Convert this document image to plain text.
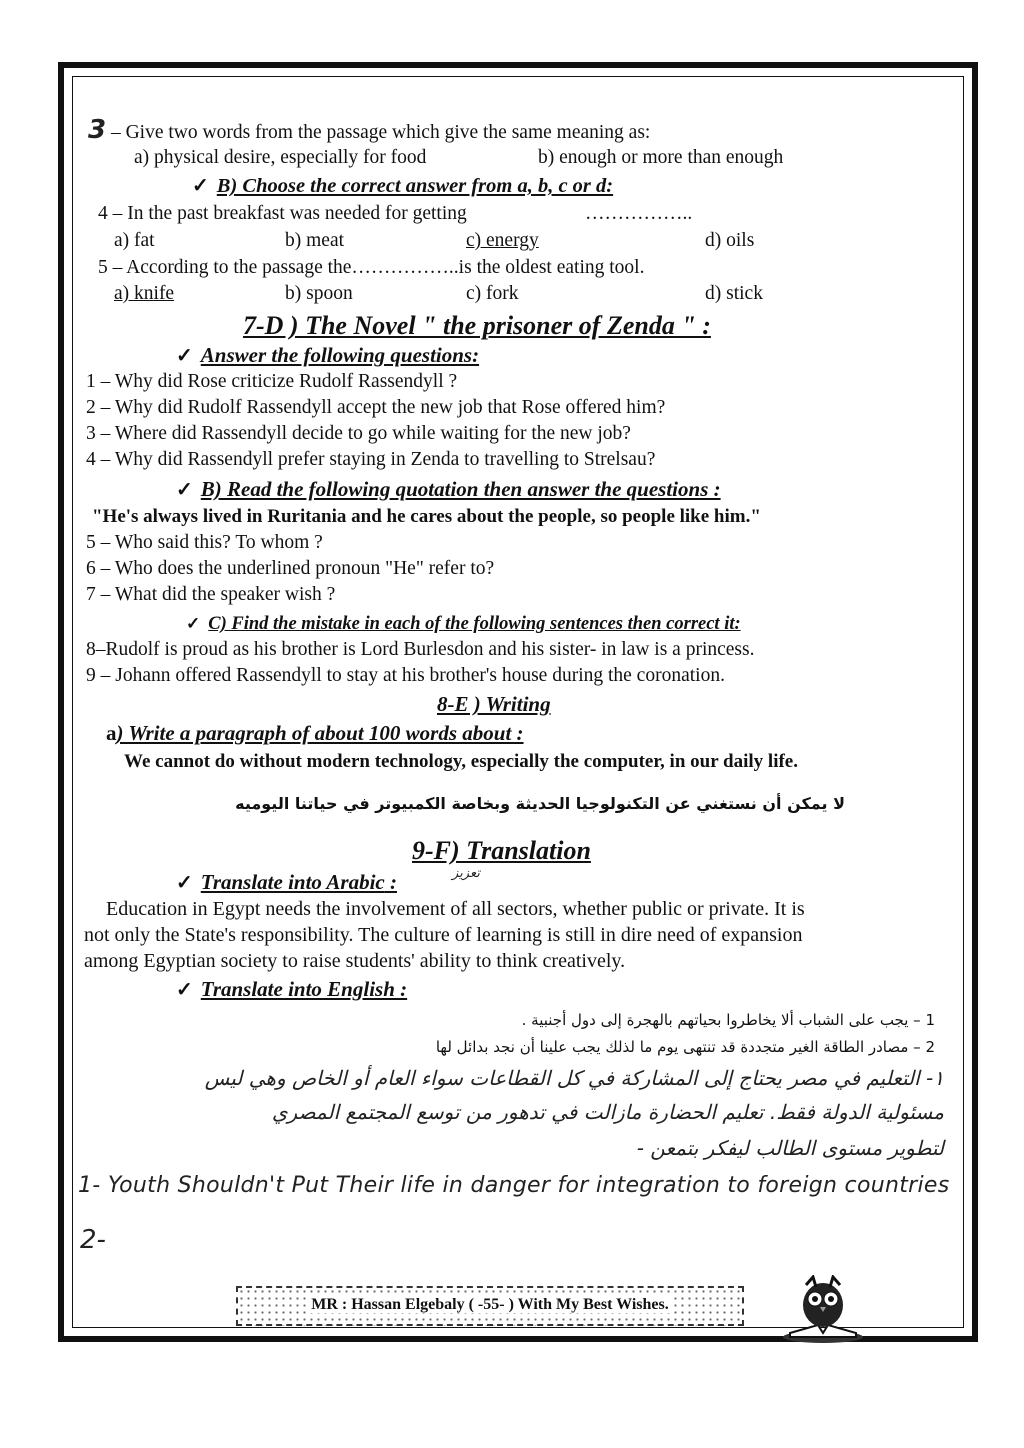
3 – Give two words from the passage which give the same meaning as:
a) physical desire, especially for food	b) enough or more than enough
✓ B) Choose the correct answer from a, b, c or d:
4 – In the past breakfast was needed for getting	……………..
a) fat	b) meat	c) energy	d) oils
5 – According to the passage the……………..is the oldest eating tool.
a) knife	b) spoon	c) fork	d) stick
7-D ) The Novel " the prisoner of Zenda " :
✓ Answer the following questions:
1 – Why did Rose criticize Rudolf Rassendyll ?
2 – Why did Rudolf Rassendyll accept the new job that Rose offered him?
3 – Where did Rassendyll decide to go while waiting for the new job?
4 – Why did Rassendyll prefer staying in Zenda to travelling to Strelsau?
✓ B) Read the following quotation then answer the questions :
"He's always lived in Ruritania and he cares about the people, so people like him."
5 – Who said this? To whom ?
6 – Who does the underlined pronoun "He" refer to?
7 – What did the speaker wish ?
✓ C) Find the mistake in each of the following sentences then correct it:
8–Rudolf is proud as his brother is Lord Burlesdon and his sister- in law is a princess.
9 – Johann offered Rassendyll to stay at his brother's house during the coronation.
8-E ) Writing
a) Write a paragraph of about 100 words about :
We cannot do without modern technology, especially the computer, in our daily life.
لا يمكن أن نستغني عن التكنولوجيا الحديثة وبخاصة الكمبيوتر في حياتنا اليوميه
9-F) Translation
✓ Translate into Arabic :	تعزيز
Education in Egypt needs the involvement of all sectors, whether public or private. It is
not only the State's responsibility. The culture of learning is still in dire need of expansion
among Egyptian society to raise students' ability to think creatively.
✓ Translate into English :
1 – يجب على الشباب ألا يخاطروا بحياتهم بالهجرة إلى دول أجنبية .
2 – مصادر الطاقة الغير متجددة قد تنتهى يوم ما لذلك يجب علينا أن نجد بدائل لها
١- التعليم في مصر يحتاج إلى المشاركة في كل القطاعات سواء العام أو الخاص وهي ليس
مسئولية الدولة فقط. تعليم الحضارة مازالت في تدهور من توسع المجتمع المصري
لتطوير مستوى الطالب ليفكر بتمعن -
1- Youth Shouldn't Put Their life in danger for integration to foreign countries
2-
MR : Hassan Elgebaly ( -55- ) With My Best Wishes.
